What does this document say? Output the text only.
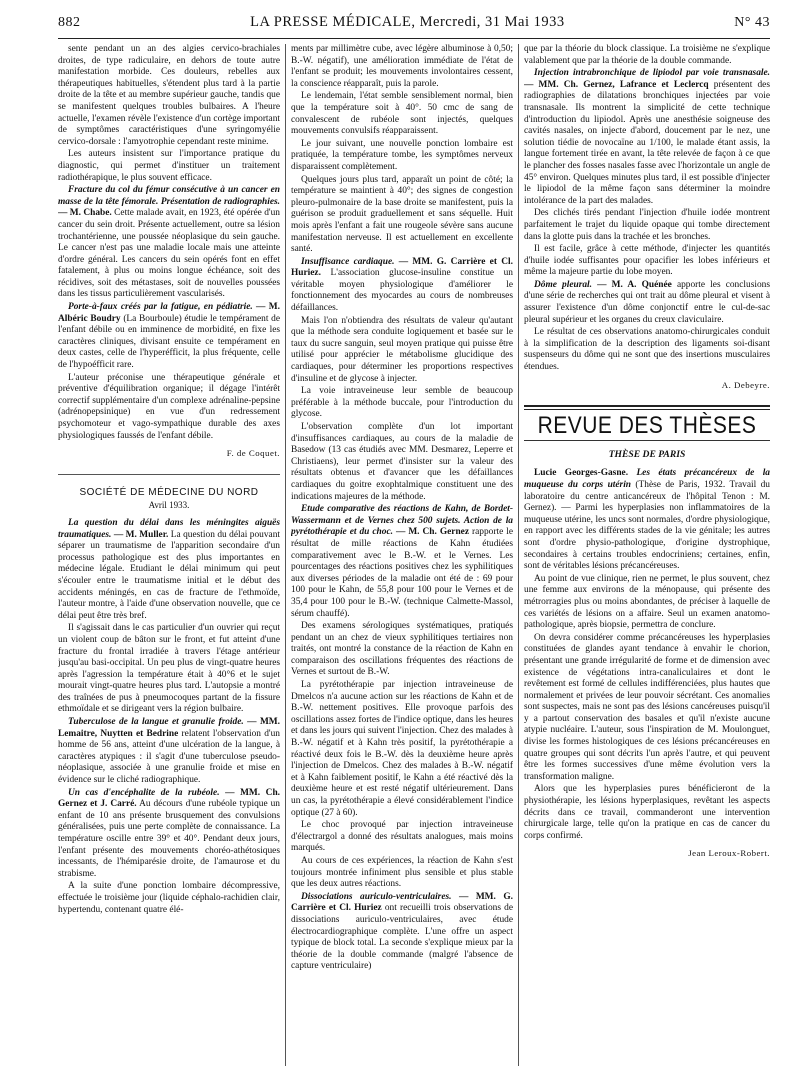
882	LA PRESSE MÉDICALE, Mercredi, 31 Mai 1933	N° 43

sente pendant un an des algies cervico-brachiales droites, de type radiculaire, en dehors de toute autre manifestation morbide. Ces douleurs, rebelles aux thérapeutiques habituelles, s'étendent plus tard à la partie droite de la tête et au membre supérieur gauche, tandis que se manifestent quelques troubles bulbaires. A l'heure actuelle, l'examen révèle l'existence d'un cortège important de symptômes caractéristiques d'une syringomyélie cervico-dorsale : l'amyotrophie cependant reste minime.

Les auteurs insistent sur l'importance pratique du diagnostic, qui permet d'instituer un traitement radiothérapique, le plus souvent efficace.

Fracture du col du fémur consécutive à un cancer en masse de la tête fémorale. Présentation de radiographies. — M. Chabe. Cette malade avait, en 1923, été opérée d'un cancer du sein droit. Présente actuellement, outre sa lésion trochantérienne, une poussée néoplasique du sein gauche. Le cancer n'est pas une maladie locale mais une atteinte d'ordre général. Les cancers du sein opérés font en effet fatalement, à plus ou moins longue échéance, soit des récidives, soit des métastases, soit de nouvelles poussées dans les tissus particulièrement vascularisés.

Porte-à-faux créés par la fatigue, en pédiatrie. — M. Albéric Boudry (La Bourboule) étudie le tempérament de l'enfant débile ou en imminence de morbidité, en fixe les caractères cliniques, divisant ensuite ce tempérament en deux castes, celle de l'hyperéfficit, la plus fréquente, celle de l'hypoéfficit rare.

L'auteur préconise une thérapeutique générale et préventive d'équilibration organique; il dégage l'intérêt correctif supplémentaire d'un complexe adrénaline-pepsine (adrénopepsinique) en vue d'un redressement psychomoteur et vago-sympathique durable des axes physiologiques faussés de l'enfant débile.

F. de Coquet.
SOCIÉTÉ DE MÉDECINE DU NORD
Avril 1933.

La question du délai dans les méningites aiguës traumatiques. — M. Muller. La question du délai pouvant séparer un traumatisme de l'apparition secondaire d'un processus pathologique est des plus importantes en médecine légale. Etudiant le délai minimum qui peut s'écouler entre le traumatisme initial et le début des accidents méningés, en cas de fracture de l'ethmoïde, l'auteur montre, à l'aide d'une observation nouvelle, que ce délai peut être très bref.

Il s'agissait dans le cas particulier d'un ouvrier qui reçut un violent coup de bâton sur le front, et fut atteint d'une fracture du frontal irradiée à travers l'étage antérieur jusqu'au basi-occipital. Un peu plus de vingt-quatre heures après l'agression la température était à 40°6 et le sujet mourait vingt-quatre heures plus tard. L'autopsie a montré des traînées de pus à pneumocoques partant de la fissure ethmoïdale et se dirigeant vers la région bulbaire.

Tuberculose de la langue et granulie froide. — MM. Lemaitre, Nuytten et Bedrine relatent l'observation d'un homme de 56 ans, atteint d'une ulcération de la langue, à caractères atypiques : il s'agit d'une tuberculose pseudo-néoplasique, associée à une granulie froide et mise en évidence sur le cliché radiographique.

Un cas d'encéphalite de la rubéole. — MM. Ch. Gernez et J. Carré. Au décours d'une rubéole typique un enfant de 10 ans présente brusquement des convulsions généralisées, puis une perte complète de connaissance. La température oscille entre 39° et 40°. Pendant deux jours, l'enfant présente des mouvements choréo-athétosiques incessants, de l'hémiparésie droite, de l'amaurose et du strabisme.

A la suite d'une ponction lombaire décompressive, effectuée le troisième jour (liquide céphalo-rachidien clair, hypertendu, contenant quatre élé-

ments par millimètre cube, avec légère albuminose à 0,50; B.-W. négatif), une amélioration immédiate de l'état de l'enfant se produit; les mouvements involontaires cessent, la conscience réapparaît, puis la parole.

Le lendemain, l'état semble sensiblement normal, bien que la température soit à 40°. 50 cmc de sang de convalescent de rubéole sont injectés, quelques mouvements convulsifs réapparaissent.

Le jour suivant, une nouvelle ponction lombaire est pratiquée, la température tombe, les symptômes nerveux disparaissent complètement.

Quelques jours plus tard, apparaît un point de côté; la température se maintient à 40°; des signes de congestion pleuro-pulmonaire de la base droite se manifestent, puis la guérison se produit graduellement et sans séquelle. Huit mois après l'enfant a fait une rougeole sévère sans aucune manifestation nerveuse. Il est actuellement en excellente santé.

Insuffisance cardiaque. — MM. G. Carrière et Cl. Huriez. L'association glucose-insuline constitue un véritable moyen physiologique d'améliorer le fonctionnement des myocardes au cours de nombreuses défaillances.

Mais l'on n'obtiendra des résultats de valeur qu'autant que la méthode sera conduite logiquement et basée sur le taux du sucre sanguin, seul moyen pratique qui puisse être utilisé pour apprécier le métabolisme glucidique des cardiaques, pour déterminer les proportions respectives d'insuline et de glycose à injecter.

La voie intraveineuse leur semble de beaucoup préférable à la méthode buccale, pour l'introduction du glycose.

L'observation complète d'un lot important d'insuffisances cardiaques, au cours de la maladie de Basedow (13 cas étudiés avec MM. Desmarez, Leperre et Christiaens), leur permet d'insister sur la valeur des résultats obtenus et d'avancer que les défaillances cardiaques du goitre exophtalmique constituent une des indications majeures de la méthode.

Etude comparative des réactions de Kahn, de Bordet-Wassermann et de Vernes chez 500 sujets. Action de la pyrétothérapie et du choc. — M. Ch. Gernez rapporte le résultat de mille réactions de Kahn étudiées comparativement avec le B.-W. et le Vernes. Les pourcentages des réactions positives chez les syphilitiques aux diverses périodes de la maladie ont été de : 69 pour 100 pour le Kahn, de 55,8 pour 100 pour le Vernes et de 35,4 pour 100 pour le B.-W. (technique Calmette-Massol, sérum chauffé).

Des examens sérologiques systématiques, pratiqués pendant un an chez de vieux syphilitiques tertiaires non traités, ont montré la constance de la réaction de Kahn en comparaison des oscillations fréquentes des réactions de Vernes et surtout de B.-W.

La pyrétothérapie par injection intraveineuse de Dmelcos n'a aucune action sur les réactions de Kahn et de B.-W. nettement positives. Elle provoque parfois des oscillations assez fortes de l'indice optique, dans les heures et dans les jours qui suivent l'injection. Chez des malades à B.-W. négatif et à Kahn très positif, la pyrétothérapie a réactivé deux fois le B.-W. dès la deuxième heure après l'injection de Dmelcos. Chez des malades à B.-W. négatif et à Kahn faiblement positif, le Kahn a été réactivé dès la deuxième heure et est resté négatif ultérieurement. Dans un cas, la pyrétothérapie a élevé considérablement l'indice optique (27 à 60).

Le choc provoqué par injection intraveineuse d'électrargol a donné des résultats analogues, mais moins marqués.

Au cours de ces expériences, la réaction de Kahn s'est toujours montrée infiniment plus sensible et plus stable que les deux autres réactions.

Dissociations auriculo-ventriculaires. — MM. G. Carrière et Cl. Huriez ont recueilli trois observations de dissociations auriculo-ventriculaires, avec étude électrocardiographique complète. L'une offre un aspect typique de block total. La seconde s'explique mieux par la théorie de la double commande (malgré l'absence de capture ventriculaire)

que par la théorie du block classique. La troisième ne s'explique valablement que par la théorie de la double commande.

Injection intrabronchique de lipiodol par voie transnasale. — MM. Ch. Gernez, Lafrance et Leclercq présentent des radiographies de dilatations bronchiques injectées par voie transnasale. Ils montrent la simplicité de cette technique d'introduction du lipiodol. Après une anesthésie soigneuse des cavités nasales, on injecte d'abord, doucement par le nez, une solution tiédie de novocaïne au 1/100, le malade étant assis, la langue fortement tirée en avant, la tête relevée de façon à ce que le plancher des fosses nasales fasse avec l'horizontale un angle de 45° environ. Quelques minutes plus tard, il est possible d'injecter le lipiodol de la même façon sans déterminer la moindre intolérance de la part des malades.

Des clichés tirés pendant l'injection d'huile iodée montrent parfaitement le trajet du liquide opaque qui tombe directement dans la glotte puis dans la trachée et les bronches.

Il est facile, grâce à cette méthode, d'injecter les quantités d'huile iodée suffisantes pour opacifier les lobes inférieurs et même la majeure partie du lobe moyen.

Dôme pleural. — M. A. Quénée apporte les conclusions d'une série de recherches qui ont trait au dôme pleural et visent à assurer l'existence d'un dôme conjonctif entre le cul-de-sac pleural supérieur et les organes du creux claviculaire.

Le résultat de ces observations anatomo-chirurgicales conduit à la simplification de la description des ligaments soi-disant suspenseurs du dôme qui ne sont que des insertions musculaires étendues.

A. Debeyre.
REVUE DES THÈSES
THÈSE DE PARIS

Lucie Georges-Gasne. Les états précancéreux de la muqueuse du corps utérin (Thèse de Paris, 1932. Travail du laboratoire du centre anticancéreux de l'hôpital Tenon : M. Gernez). — Parmi les hyperplasies non inflammatoires de la muqueuse utérine, les uncs sont normales, d'ordre physiologique, en rapport avec les différents stades de la vie génitale; les autres sont d'ordre physio-pathologique, d'origine dystrophique, secondaires à certains troubles endocriniens; certaines, enfin, sont de véritables lésions précancéreuses.

Au point de vue clinique, rien ne permet, le plus souvent, chez une femme aux environs de la ménopause, qui présente des métrorragies plus ou moins abondantes, de préciser à laquelle de ces variétés de lésions on a affaire. Seul un examen anatomo-pathologique, après biopsie, permettra de conclure.

On devra considérer comme précancéreuses les hyperplasies constituées de glandes ayant tendance à envahir le chorion, présentant une grande irrégularité de forme et de dimension avec existence de végétations intra-canaliculaires et dont le revêtement est formé de cellules indifférenciées, plus hautes que normalement et privées de leur pouvoir sécrétant. Ces anomalies sont suspectes, mais ne sont pas des lésions cancéreuses puisqu'il y a partout conservation des basales et qu'il n'existe aucune atypie nucléaire. L'auteur, sous l'inspiration de M. Moulonguet, divise les formes histologiques de ces lésions précancéreuses en quatre groupes qui sont décrits l'un après l'autre, et qui peuvent être les formes successives d'une même évolution vers la transformation maligne.

Alors que les hyperplasies pures bénéficieront de la physiothérapie, les lésions hyperplasiques, revêtant les aspects décrits dans ce travail, commanderont une intervention chirurgicale large, telle qu'on la pratique en cas de cancer du corps confirmé.

Jean Leroux-Robert.
